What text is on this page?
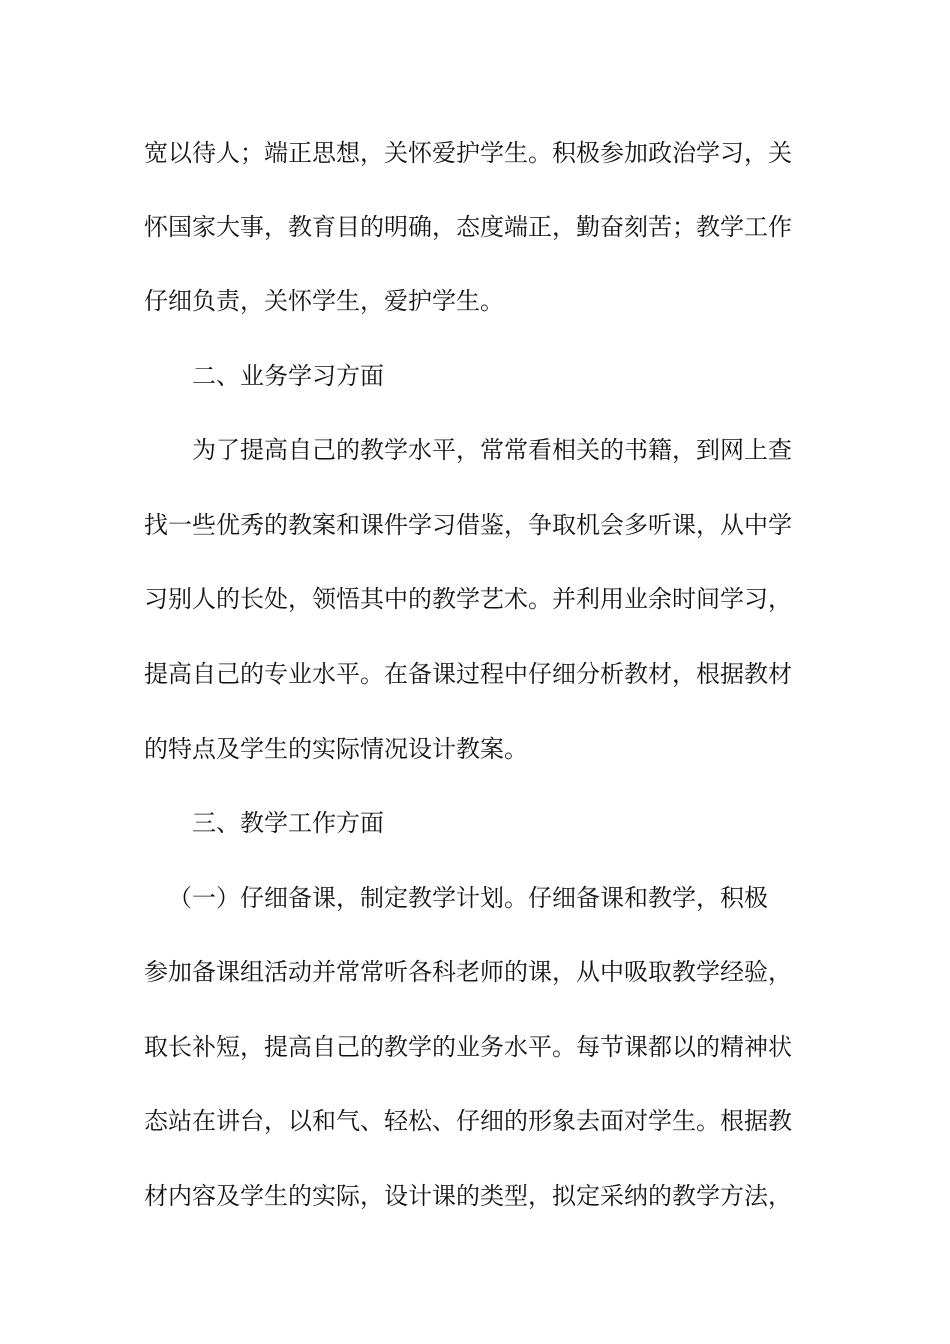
宽以待人；端正思想，关怀爱护学生。积极参加政治学习，关

怀国家大事，教育目的明确，态度端正，勤奋刻苦；教学工作

仔细负责，关怀学生，爱护学生。

二、业务学习方面

为了提高自己的教学水平，常常看相关的书籍，到网上查

找一些优秀的教案和课件学习借鉴，争取机会多听课，从中学

习别人的长处，领悟其中的教学艺术。并利用业余时间学习，

提高自己的专业水平。在备课过程中仔细分析教材，根据教材

的特点及学生的实际情况设计教案。

三、教学工作方面

（一）仔细备课，制定教学计划。仔细备课和教学，积极

参加备课组活动并常常听各科老师的课，从中吸取教学经验，

取长补短，提高自己的教学的业务水平。每节课都以的精神状

态站在讲台，以和气、轻松、仔细的形象去面对学生。根据教

材内容及学生的实际，设计课的类型，拟定采纳的教学方法，
